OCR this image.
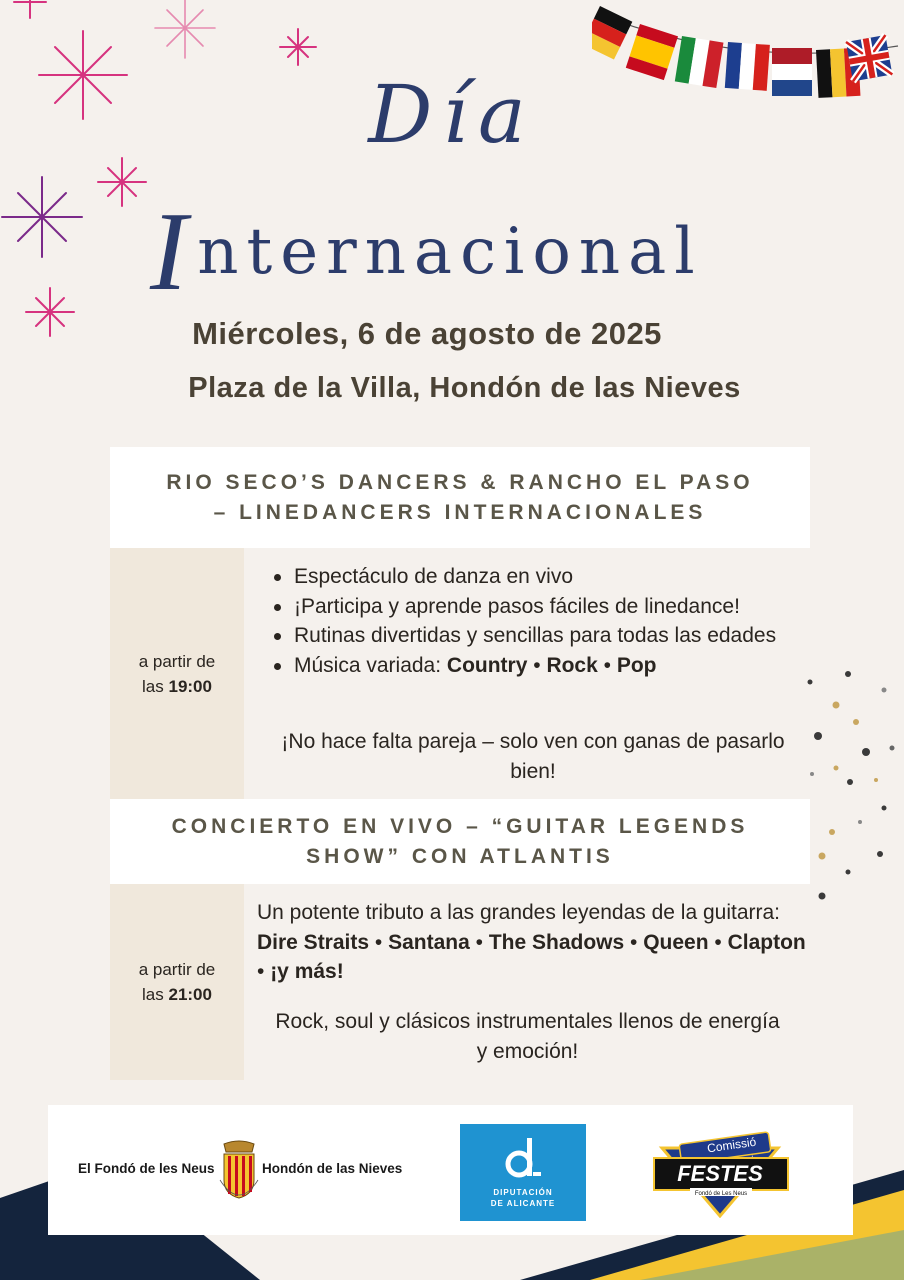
Día
Internacional
Miércoles, 6 de agosto de 2025
Plaza de la Villa, Hondón de las Nieves
RIO SECO’S DANCERS & RANCHO EL PASO
– LINEDANCERS INTERNACIONALES
a partir de
las 19:00
Espectáculo de danza en vivo
¡Participa y aprende pasos fáciles de linedance!
Rutinas divertidas y sencillas para todas las edades
Música variada: Country • Rock • Pop
¡No hace falta pareja – solo ven con ganas de pasarlo bien!
CONCIERTO EN VIVO – “GUITAR LEGENDS
SHOW” CON ATLANTIS
a partir de
las 21:00
Un potente tributo a las grandes leyendas de la guitarra: Dire Straits • Santana • The Shadows • Queen • Clapton • ¡y más!
Rock, soul y clásicos instrumentales llenos de energía y emoción!
El Fondó de les Neus	Hondón de las Nieves
DIPUTACIÓN
DE ALICANTE
Comissió
FESTES
Fondó de Les Neus
